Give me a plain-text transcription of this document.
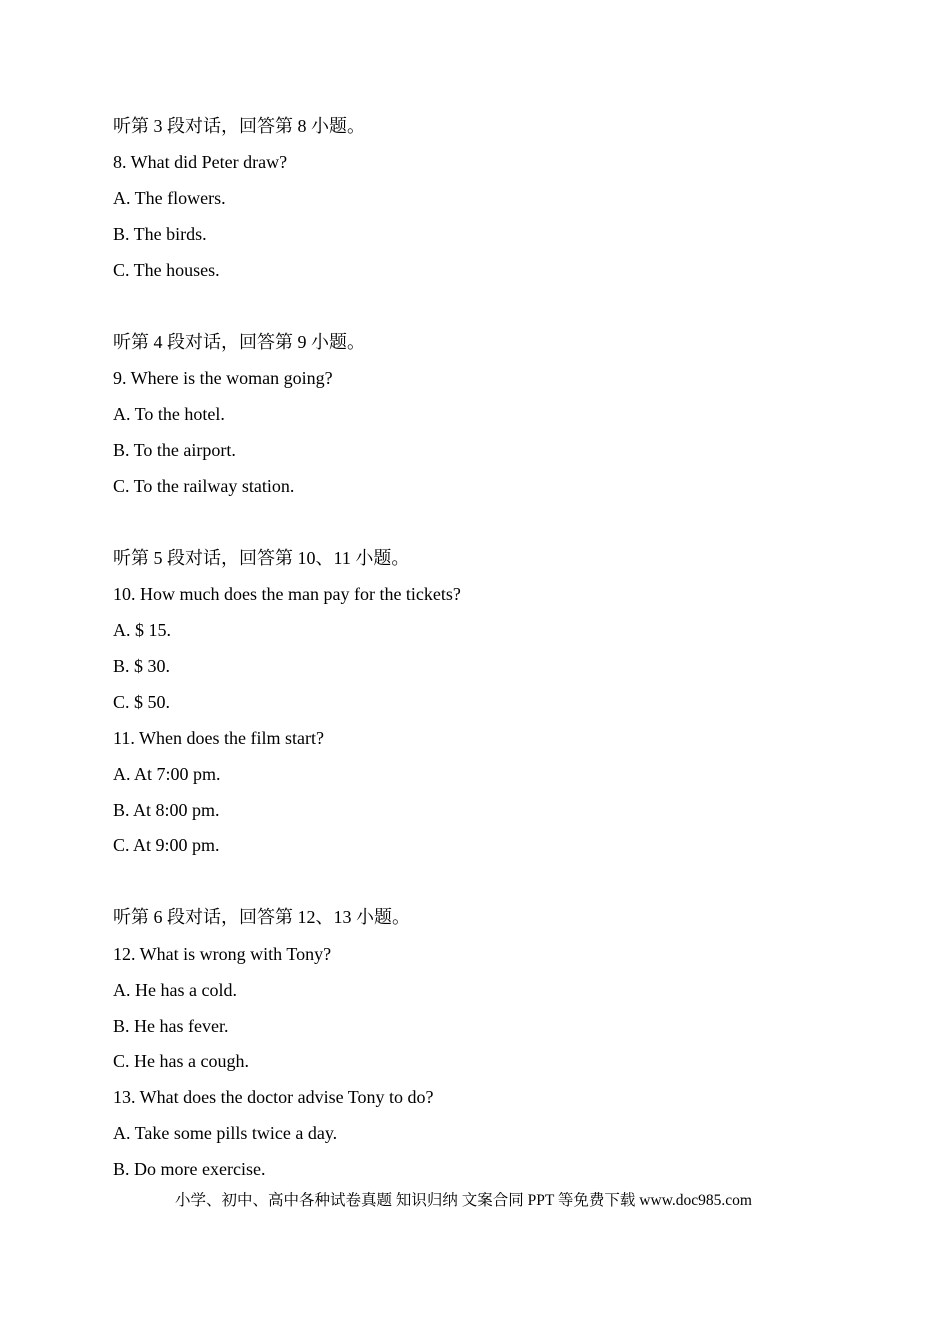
听第 3 段对话，回答第 8 小题。
8. What did Peter draw?
A. The flowers.
B. The birds.
C. The houses.
听第 4 段对话，回答第 9 小题。
9. Where is the woman going?
A. To the hotel.
B. To the airport.
C. To the railway station.
听第 5 段对话，回答第 10、11 小题。
10. How much does the man pay for the tickets?
A. $ 15.
B. $ 30.
C. $ 50.
11. When does the film start?
A. At 7:00 pm.
B. At 8:00 pm.
C. At 9:00 pm.
听第 6 段对话，回答第 12、13 小题。
12. What is wrong with Tony?
A. He has a cold.
B. He has fever.
C. He has a cough.
13. What does the doctor advise Tony to do?
A. Take some pills twice a day.
B. Do more exercise.
小学、初中、高中各种试卷真题 知识归纳 文案合同 PPT 等免费下载 www.doc985.com
